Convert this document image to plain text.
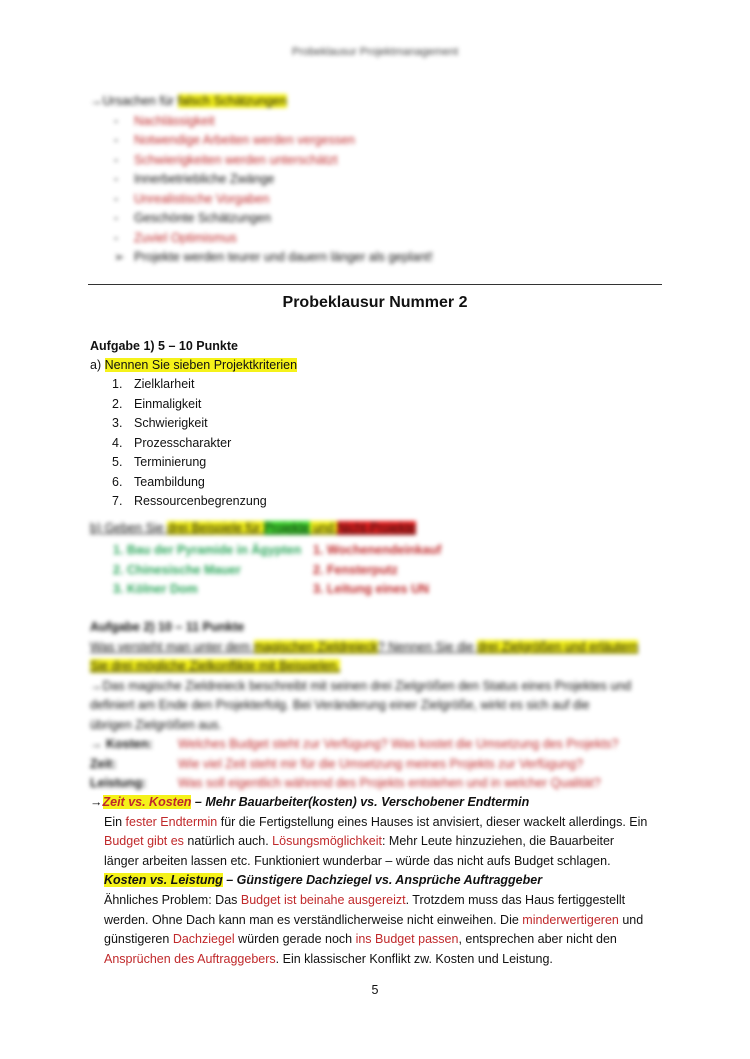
Probeklausur Projektmanagement
→Ursachen für falsch Schätzungen
- Nachlässigkeit
- Notwendige Arbeiten werden vergessen
- Schwierigkeiten werden unterschätzt
- Innerbetriebliche Zwänge
- Unrealistische Vorgaben
- Geschönte Schätzungen
- Zuviel Optimismus
➢ Projekte werden teurer und dauern länger als geplant!
Probeklausur Nummer 2
Aufgabe 1) 5 – 10 Punkte
a) Nennen Sie sieben Projektkriterien
1. Zielklarheit
2. Einmaligkeit
3. Schwierigkeit
4. Prozesscharakter
5. Terminierung
6. Teambildung
7. Ressourcenbegrenzung
b) Geben Sie drei Beispiele für Projekte und Nicht-Projekte
1. Bau der Pyramide in Ägypten 1. Wochenendeinkauf
2. Chinesische Mauer	2. Fensterputz
3. Kölner Dom	3. Leitung eines UN
Aufgabe 2) 10 – 11 Punkte
Was versteht man unter dem magischen Zieldreieck? Nennen Sie die drei Zielgrößen und erläutern
Sie drei mögliche Zielkonflikte mit Beispielen.
→Das magische Zieldreieck beschreibt mit seinen drei Zielgrößen den Status eines Projektes und
definiert am Ende den Projekterfolg. Bei Veränderung einer Zielgröße, wirkt es sich auf die
übrigen Zielgrößen aus.
→ Kosten: Welches Budget steht zur Verfügung? Was kostet die Umsetzung des Projekts?
Zeit:	Wie viel Zeit steht mir für die Umsetzung meines Projekts zur Verfügung?
Leistung:	Was soll eigentlich während des Projekts entstehen und in welcher Qualität?
→Zeit vs. Kosten – Mehr Bauarbeiter(kosten) vs. Verschobener Endtermin
Ein fester Endtermin für die Fertigstellung eines Hauses ist anvisiert, dieser wackelt allerdings. Ein
Budget gibt es natürlich auch. Lösungsmöglichkeit: Mehr Leute hinzuziehen, die Bauarbeiter
länger arbeiten lassen etc. Funktioniert wunderbar – würde das nicht aufs Budget schlagen.
Kosten vs. Leistung – Günstigere Dachziegel vs. Ansprüche Auftraggeber
Ähnliches Problem: Das Budget ist beinahe ausgereizt. Trotzdem muss das Haus fertiggestellt
werden. Ohne Dach kann man es verständlicherweise nicht einweihen. Die minderwertigeren und
günstigeren Dachziegel würden gerade noch ins Budget passen, entsprechen aber nicht den
Ansprüchen des Auftraggebers. Ein klassischer Konflikt zw. Kosten und Leistung.
5
